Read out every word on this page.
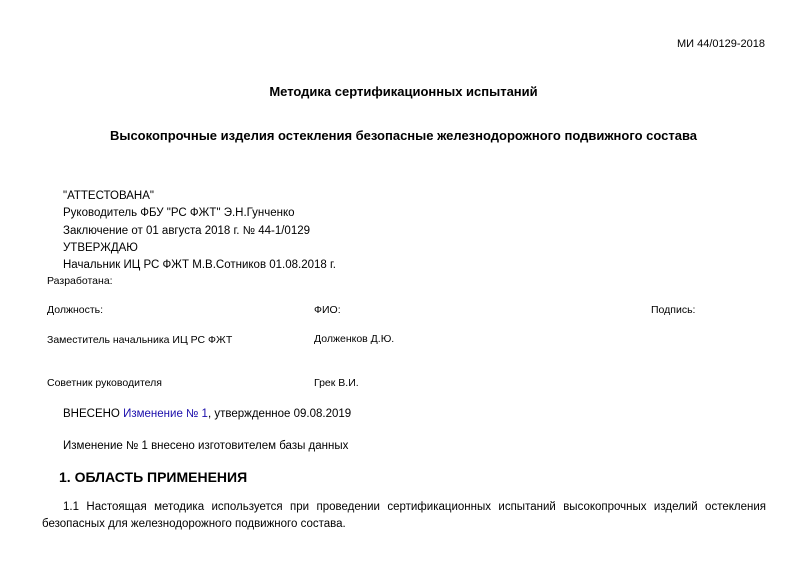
МИ 44/0129-2018
Методика сертификационных испытаний
Высокопрочные изделия остекления безопасные железнодорожного подвижного состава
"АТТЕСТОВАНА"
Руководитель ФБУ "РС ФЖТ" Э.Н.Гунченко
Заключение от 01 августа 2018 г. № 44-1/0129
УТВЕРЖДАЮ
Начальник ИЦ РС ФЖТ М.В.Сотников 01.08.2018 г.
Разработана:
Должность:	ФИО:	Подпись:
Заместитель начальника ИЦ РС ФЖТ	Долженков Д.Ю.
Советник руководителя	Грек В.И.
ВНЕСЕНО Изменение № 1, утвержденное 09.08.2019
Изменение № 1 внесено изготовителем базы данных
1. ОБЛАСТЬ ПРИМЕНЕНИЯ
1.1 Настоящая методика используется при проведении сертификационных испытаний высокопрочных изделий остекления безопасных для железнодорожного подвижного состава.
